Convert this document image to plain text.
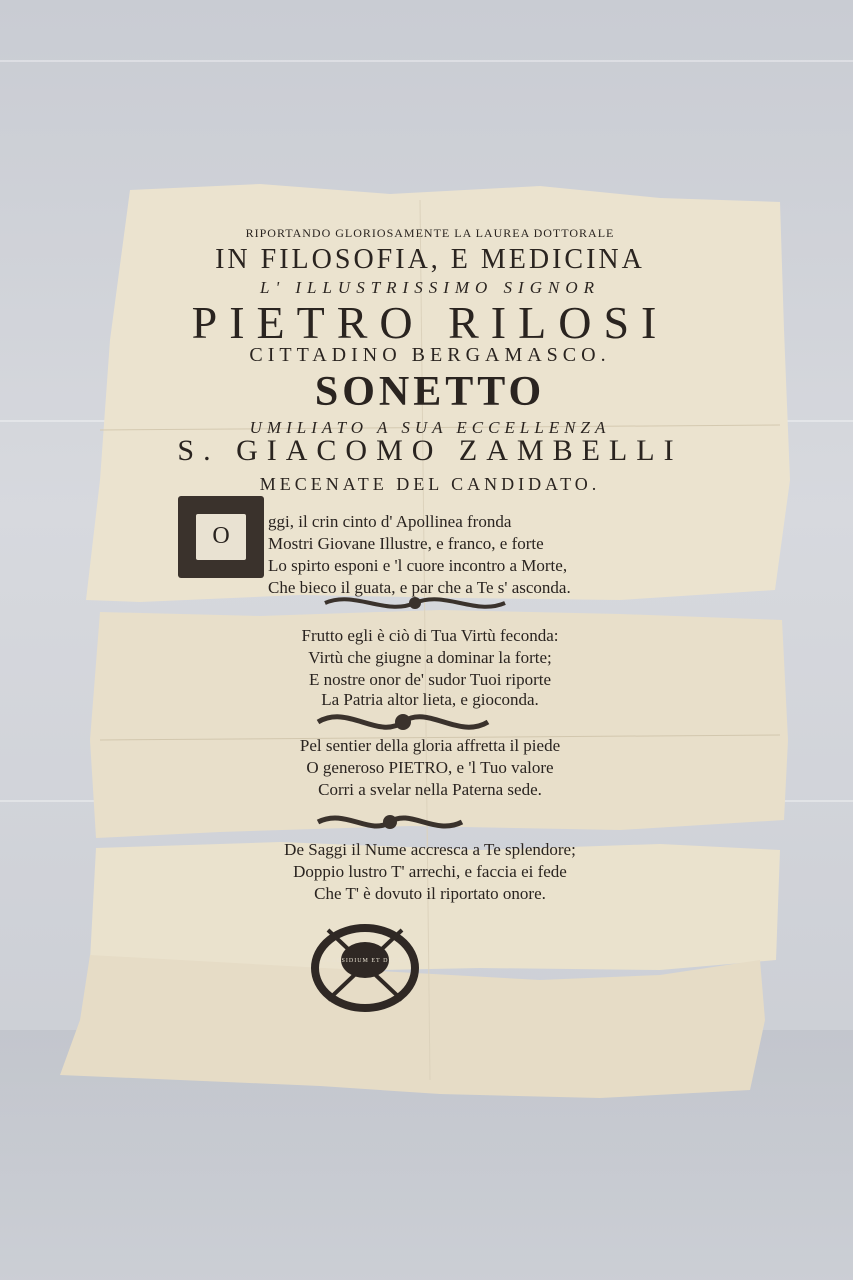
RIPORTANDO GLORIOSAMENTE LA LAUREA DOTTORALE
IN FILOSOFIA, E MEDICINA
L' ILLUSTRISSIMO SIGNOR
PIETRO RILOSI
CITTADINO BERGAMASCO.
SONETTO
UMILIATO A SUA ECCELLENZA
S. GIACOMO ZAMBELLI
MECENATE DEL CANDIDATO.
O
ggi, il crin cinto d' Apollinea fronda
Mostri Giovane Illustre, e franco, e forte
Lo spirto esponi e 'l cuore incontro a Morte,
Che bieco il guata, e par che a Te s' asconda.
Frutto egli è ciò di Tua Virtù feconda:
Virtù che giugne a dominar la forte;
E nostre onor de' sudor Tuoi riporte
La Patria altor lieta, e gioconda.
Pel sentier della gloria affretta il piede
O generoso PIETRO, e 'l Tuo valore
Corri a svelar nella Paterna sede.
De Saggi il Nume accresca a Te splendore;
Doppio lustro T' arrechi, e faccia ei fede
Che T' è dovuto il riportato onore.
PRAESIDIUM ET DECUS
